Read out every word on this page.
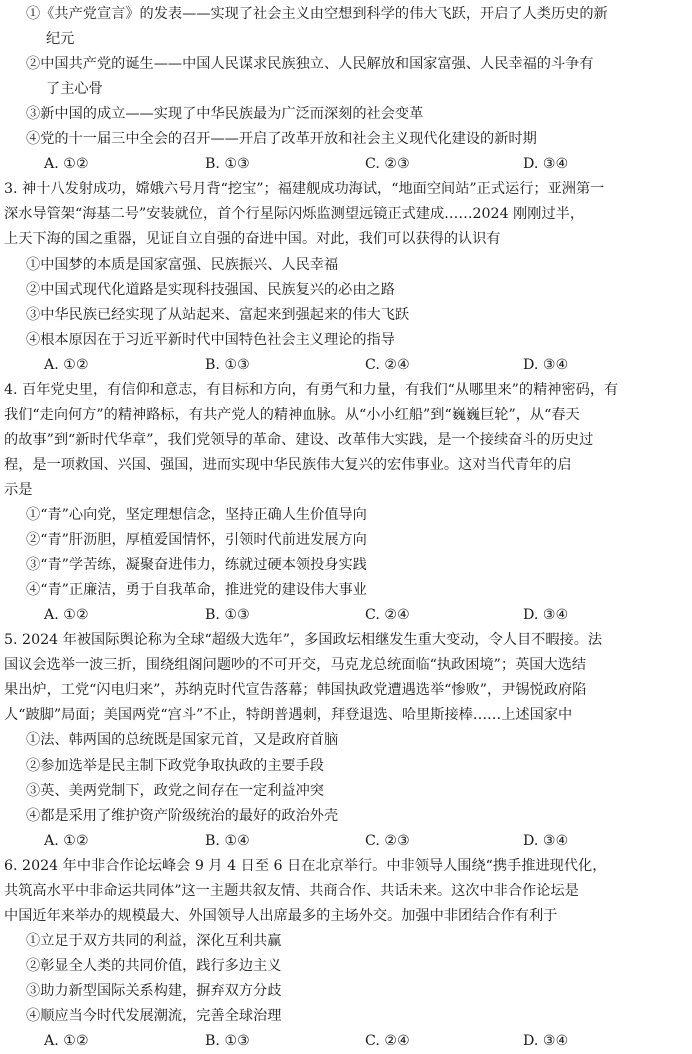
①《共产党宣言》的发表——实现了社会主义由空想到科学的伟大飞跃，开启了人类历史的新
纪元
②中国共产党的诞生——中国人民谋求民族独立、人民解放和国家富强、人民幸福的斗争有
了主心骨
③新中国的成立——实现了中华民族最为广泛而深刻的社会变革
④党的十一届三中全会的召开——开启了改革开放和社会主义现代化建设的新时期
A. ①②	B. ①③	C. ②③	D. ③④
3. 神十八发射成功，嫦娥六号月背“挖宝”；福建舰成功海试，“地面空间站”正式运行；亚洲第一
深水导管架“海基二号”安装就位，首个行星际闪烁监测望远镜正式建成……2024 刚刚过半，
上天下海的国之重器，见证自立自强的奋进中国。对此，我们可以获得的认识有
①中国梦的本质是国家富强、民族振兴、人民幸福
②中国式现代化道路是实现科技强国、民族复兴的必由之路
③中华民族已经实现了从站起来、富起来到强起来的伟大飞跃
④根本原因在于习近平新时代中国特色社会主义理论的指导
A. ①②	B. ①③	C. ②④	D. ③④
4. 百年党史里，有信仰和意志，有目标和方向，有勇气和力量，有我们“从哪里来”的精神密码，有
我们“走向何方”的精神路标，有共产党人的精神血脉。从“小小红船”到“巍巍巨轮”，从“春天
的故事”到“新时代华章”，我们党领导的革命、建设、改革伟大实践，是一个接续奋斗的历史过
程，是一项救国、兴国、强国，进而实现中华民族伟大复兴的宏伟事业。这对当代青年的启
示是
①“青”心向党，坚定理想信念，坚持正确人生价值导向
②“青”肝沥胆，厚植爱国情怀，引领时代前进发展方向
③“青”学苦练，凝聚奋进伟力，练就过硬本领投身实践
④“青”正廉洁，勇于自我革命，推进党的建设伟大事业
A. ①②	B. ①③	C. ②④	D. ③④
5. 2024 年被国际舆论称为全球“超级大选年”，多国政坛相继发生重大变动，令人目不暇接。法
国议会选举一波三折，围绕组阁问题吵的不可开交，马克龙总统面临“执政困境”；英国大选结
果出炉，工党“闪电归来”，苏纳克时代宣告落幕；韩国执政党遭遇选举“惨败”，尹锡悦政府陷
人“跛脚”局面；美国两党“宫斗”不止，特朗普遇刺，拜登退选、哈里斯接棒……上述国家中
①法、韩两国的总统既是国家元首，又是政府首脑
②参加选举是民主制下政党争取执政的主要手段
③英、美两党制下，政党之间存在一定利益冲突
④都是采用了维护资产阶级统治的最好的政治外壳
A. ①②	B. ①④	C. ②③	D. ③④
6. 2024 年中非合作论坛峰会 9 月 4 日至 6 日在北京举行。中非领导人围绕“携手推进现代化，
共筑高水平中非命运共同体”这一主题共叙友情、共商合作、共话未来。这次中非合作论坛是
中国近年来举办的规模最大、外国领导人出席最多的主场外交。加强中非团结合作有利于
①立足于双方共同的利益，深化互利共赢
②彰显全人类的共同价值，践行多边主义
③助力新型国际关系构建，摒弃双方分歧
④顺应当今时代发展潮流，完善全球治理
A. ①②	B. ①③	C. ②④	D. ③④
